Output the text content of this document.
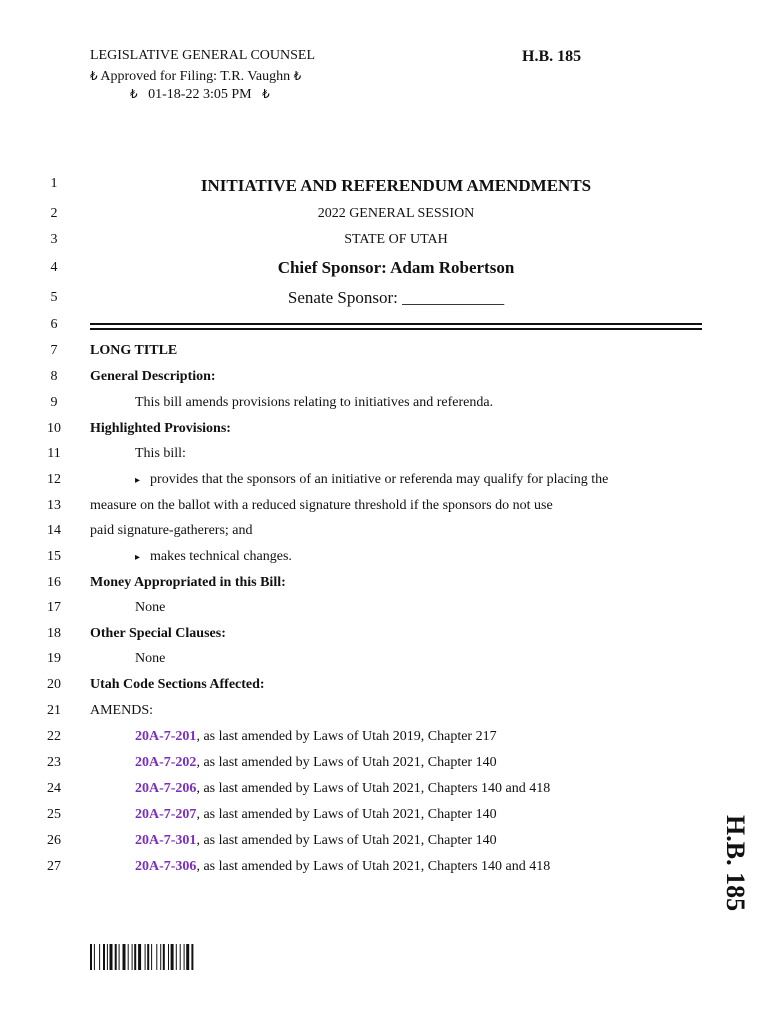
LEGISLATIVE GENERAL COUNSEL
₺ Approved for Filing: T.R. Vaughn ₺
₺ 01-18-22 3:05 PM ₺
H.B. 185
1
2
3
4
5
6
7
8
9
10
11
12
13
14
15
16
17
18
19
20
21
22
23
24
25
26
27
INITIATIVE AND REFERENDUM AMENDMENTS
2022 GENERAL SESSION
STATE OF UTAH
Chief Sponsor: Adam Robertson
Senate Sponsor: ____________
LONG TITLE
General Description:
This bill amends provisions relating to initiatives and referenda.
Highlighted Provisions:
This bill:
▸ provides that the sponsors of an initiative or referenda may qualify for placing the
measure on the ballot with a reduced signature threshold if the sponsors do not use
paid signature-gatherers; and
▸ makes technical changes.
Money Appropriated in this Bill:
None
Other Special Clauses:
None
Utah Code Sections Affected:
AMENDS:
20A-7-201, as last amended by Laws of Utah 2019, Chapter 217
20A-7-202, as last amended by Laws of Utah 2021, Chapter 140
20A-7-206, as last amended by Laws of Utah 2021, Chapters 140 and 418
20A-7-207, as last amended by Laws of Utah 2021, Chapter 140
20A-7-301, as last amended by Laws of Utah 2021, Chapter 140
20A-7-306, as last amended by Laws of Utah 2021, Chapters 140 and 418	H.B. 185
